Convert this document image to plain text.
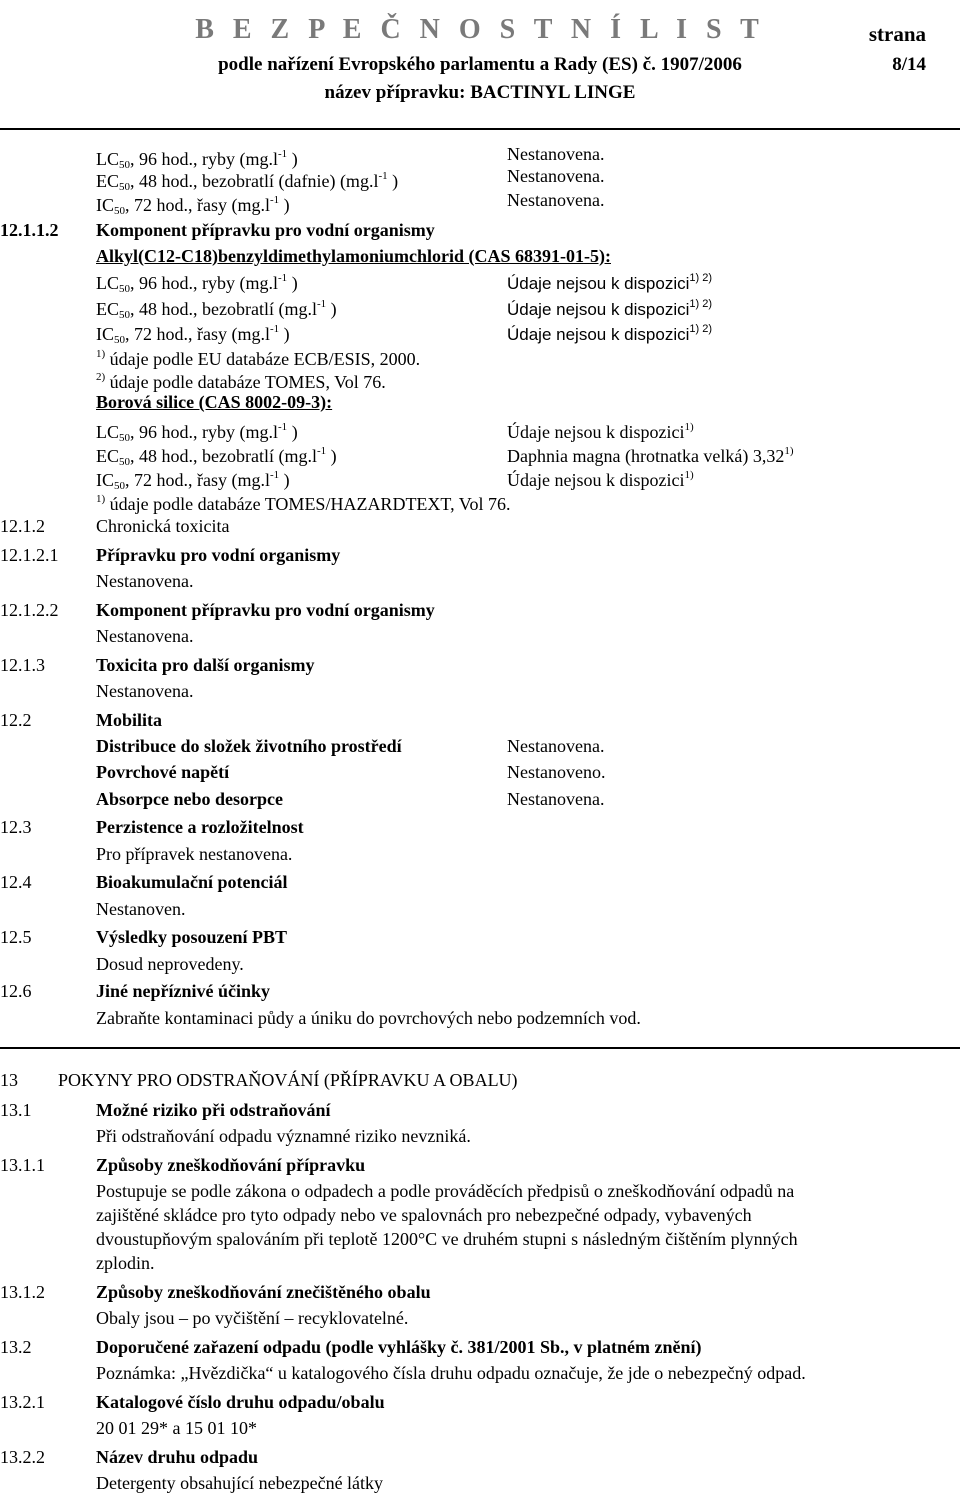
B E Z P E Č N O S T N Í L I S T	strana
podle nařízení Evropského parlamentu a Rady (ES) č. 1907/2006	8/14
název přípravku: BACTINYL LINGE
$LC_{50}$, 96 hod., ryby ($mg.l^{-1}$ )	Nestanovena.
$EC_{50}$, 48 hod., bezobratlí (dafnie) ($mg.l^{-1}$ )	Nestanovena.
$IC_{50}$, 72 hod., řasy ($mg.l^{-1}$ )	Nestanovena.
12.1.1.2 Komponent přípravku pro vodní organismy
Alkyl(C12-C18)benzyldimethylamoniumchlorid (CAS 68391-01-5):
$LC_{50}$, 96 hod., ryby ($mg.l^{-1}$ )	Údaje nejsou k dispozici$^{1) 2)}$
$EC_{50}$, 48 hod., bezobratlí ($mg.l^{-1}$ )	Údaje nejsou k dispozici$^{1) 2)}$
$IC_{50}$, 72 hod., řasy ($mg.l^{-1}$ )	Údaje nejsou k dispozici$^{1) 2)}$
$^{1)}$ údaje podle EU databáze ECB/ESIS, 2000.
$^{2)}$ údaje podle databáze TOMES, Vol 76.
Borová silice (CAS 8002-09-3):
$LC_{50}$, 96 hod., ryby ($mg.l^{-1}$ )	Údaje nejsou k dispozici$^{1)}$
$EC_{50}$, 48 hod., bezobratlí ($mg.l^{-1}$ )	Daphnia magna (hrotnatka velká) 3,32$^{1)}$
$IC_{50}$, 72 hod., řasy ($mg.l^{-1}$ )	Údaje nejsou k dispozici$^{1)}$
$^{1)}$ údaje podle databáze TOMES/HAZARDTEXT, Vol 76.
12.1.2	Chronická toxicita
12.1.2.1 Přípravku pro vodní organismy
Nestanovena.
12.1.2.2 Komponent přípravku pro vodní organismy
Nestanovena.
12.1.3	Toxicita pro další organismy
Nestanovena.
12.2	Mobilita
Distribuce do složek životního prostředí	Nestanovena.
Povrchové napětí	Nestanoveno.
Absorpce nebo desorpce	Nestanovena.
12.3	Perzistence a rozložitelnost
Pro přípravek nestanovena.
12.4	Bioakumulační potenciál
Nestanoven.
12.5	Výsledky posouzení PBT
Dosud neprovedeny.
12.6	Jiné nepříznivé účinky
Zabraňte kontaminaci půdy a úniku do povrchových nebo podzemních vod.
13 POKYNY PRO ODSTRAŇOVÁNÍ (PŘÍPRAVKU A OBALU)
13.1	Možné riziko při odstraňování
Při odstraňování odpadu významné riziko nevzniká.
13.1.1	Způsoby zneškodňování přípravku
Postupuje se podle zákona o odpadech a podle prováděcích předpisů o zneškodňování odpadů na
zajištěné skládce pro tyto odpady nebo ve spalovnách pro nebezpečné odpady, vybavených
dvoustupňovým spalováním při teplotě 1200°C ve druhém stupni s následným čištěním plynných
zplodin.
13.1.2	Způsoby zneškodňování znečištěného obalu
Obaly jsou – po vyčištění – recyklovatelné.
13.2	Doporučené zařazení odpadu (podle vyhlášky č. 381/2001 Sb., v platném znění)
Poznámka: „Hvězdička“ u katalogového čísla druhu odpadu označuje, že jde o nebezpečný odpad.
13.2.1	Katalogové číslo druhu odpadu/obalu
20 01 29* a 15 01 10*
13.2.2	Název druhu odpadu
Detergenty obsahující nebezpečné látky
